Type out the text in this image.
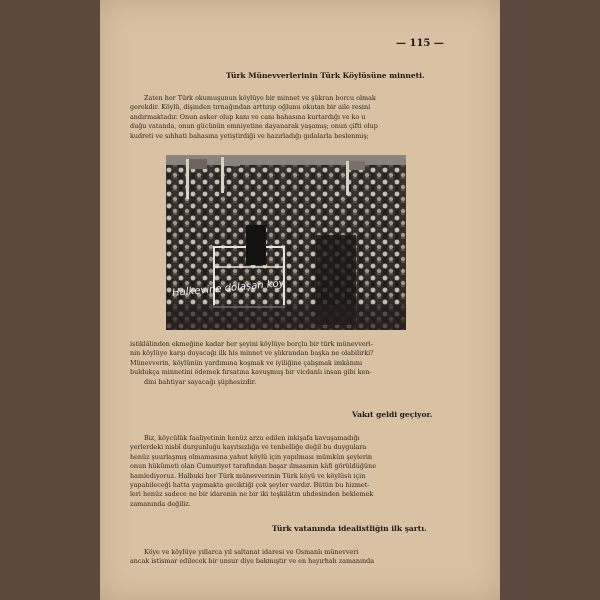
— 115 —
Türk Münevverlerinin Türk Köylüsüne minneti.
Zaten her Türk okumuşunun köylüye bir minnet ve şükran borcu olmak
gerekdir. Köylü, dişinden tırnağından arttırıp oğlunu okutan bir aile resini
andırmaktadır. Onun asker olup kanı ve canı bahasına kurtardığı ve ko u
duğu vatanda, onun gücünün emniyetine dayanarak yaşamış; onun çifti olup
kudreti ve sıhhati bahasına yetiştirdiği ve hazırladığı gıdalarla beslenmiş;
Halkevine dolaşan köy
istiklâlinden ekmeğine kadar her şeyini köylüye borçlu bir türk münevveri-
nin köylüye karşı duyacağı ilk his minnet ve şükrandan başka ne olabilirki?
Münevverin, köylünün yardımına koşmak ve iyiliğine çalışmak imkânını
buldukça minnetini ödemek fırsatına kavuşmuş bir vicdanlı insan gibi ken-
dini bahtiyar sayacağı şüphesizdir.
Vakıt geldi geçiyor.
Biz, köycülük faaliyetinin henüz arzu edilen inkişafa kavuşamadığı
yerlerdeki nisbî durgunluğu kayıtsızlığa ve tenbelliğe değil bu duygulara
henüz şuurlaşmış olmamasına yahut köylü için yapılması mümkün şeylerin
onun hükümeti olan Cumuriyet tarafından başar ılmasının kâfi görüldüğüne
hamlediyoruz. Halbuki her Türk münevverinin Türk köyü ve köylüsü için
yapabileceği hatta yapmakta geciktiği çok şeyler vardır. Bütün bu hizmet-
leri henüz sadece ne bir idarenin ne bir iki teşkilâtın uhdesinden beklemek
zamanında değiliz.
Türk vatanında idealistliğin ilk şartı.
Köye ve köylüye yıllarca yıl saltanat idaresi ve Osmanlı münevveri
ancak istismar edilecek bir unsur diye bakmıştır ve en hayırhah zamanında
